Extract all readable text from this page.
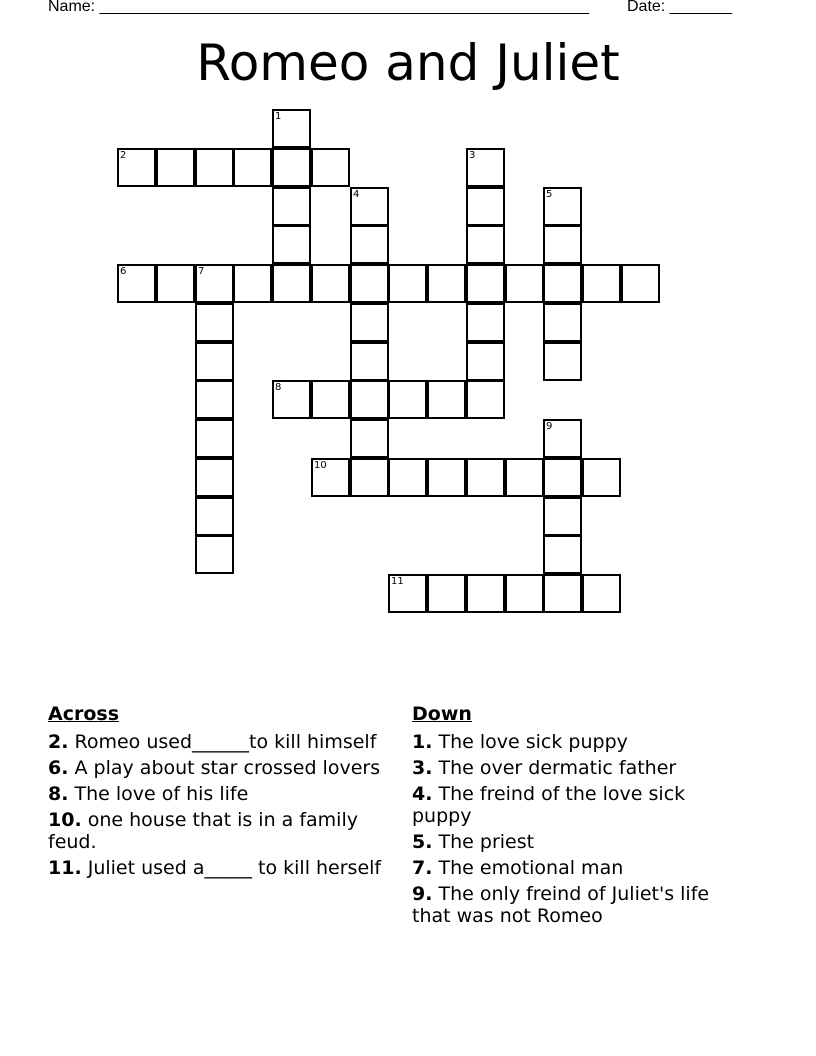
Name: _______________________________________________________ Date: _______
Romeo and Juliet
1
2	3
4	5
6	7
8
9
10
11
Across
2. Romeo used______to kill himself
6. A play about star crossed lovers
8. The love of his life
10. one house that is in a family feud.
11. Juliet used a_____ to kill herself
Down
1. The love sick puppy
3. The over dermatic father
4. The freind of the love sick puppy
5. The priest
7. The emotional man
9. The only freind of Juliet's life that was not Romeo
